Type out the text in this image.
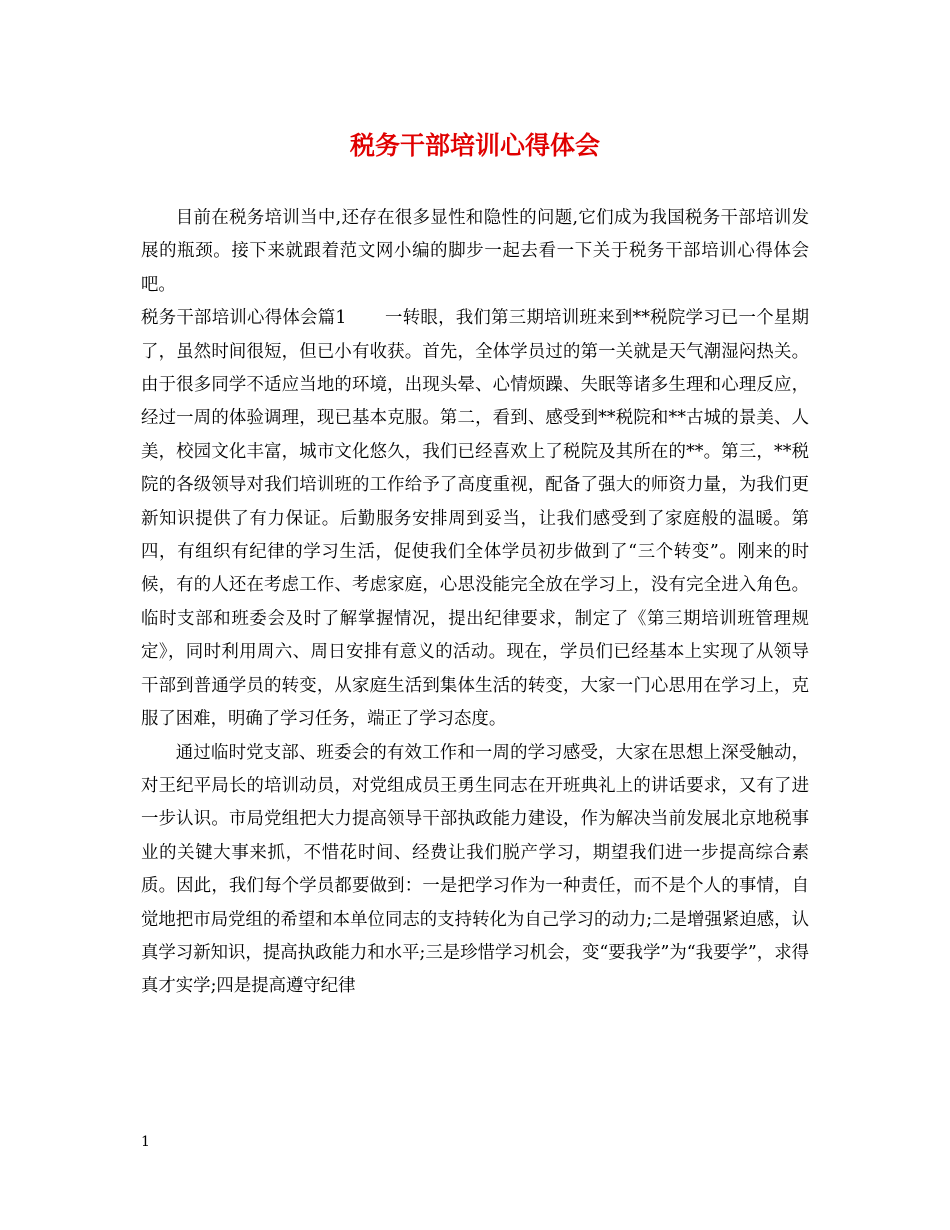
税务干部培训心得体会

目前在税务培训当中,还存在很多显性和隐性的问题,它们成为我国税务干部培训发展的瓶颈。接下来就跟着范文网小编的脚步一起去看一下关于税务干部培训心得体会吧。

税务干部培训心得体会篇1 一转眼，我们第三期培训班来到**税院学习已一个星期了，虽然时间很短，但已小有收获。首先，全体学员过的第一关就是天气潮湿闷热关。由于很多同学不适应当地的环境，出现头晕、心情烦躁、失眠等诸多生理和心理反应，经过一周的体验调理，现已基本克服。第二，看到、感受到**税院和**古城的景美、人美，校园文化丰富，城市文化悠久，我们已经喜欢上了税院及其所在的**。第三，**税院的各级领导对我们培训班的工作给予了高度重视，配备了强大的师资力量，为我们更新知识提供了有力保证。后勤服务安排周到妥当，让我们感受到了家庭般的温暖。第四，有组织有纪律的学习生活，促使我们全体学员初步做到了“三个转变”。刚来的时候，有的人还在考虑工作、考虑家庭，心思没能完全放在学习上，没有完全进入角色。临时支部和班委会及时了解掌握情况，提出纪律要求，制定了《第三期培训班管理规定》，同时利用周六、周日安排有意义的活动。现在，学员们已经基本上实现了从领导干部到普通学员的转变，从家庭生活到集体生活的转变，大家一门心思用在学习上，克服了困难，明确了学习任务，端正了学习态度。

通过临时党支部、班委会的有效工作和一周的学习感受，大家在思想上深受触动，对王纪平局长的培训动员，对党组成员王勇生同志在开班典礼上的讲话要求，又有了进一步认识。市局党组把大力提高领导干部执政能力建设，作为解决当前发展北京地税事业的关键大事来抓，不惜花时间、经费让我们脱产学习，期望我们进一步提高综合素质。因此，我们每个学员都要做到：一是把学习作为一种责任，而不是个人的事情，自觉地把市局党组的希望和本单位同志的支持转化为自己学习的动力;二是增强紧迫感，认真学习新知识，提高执政能力和水平;三是珍惜学习机会，变“要我学”为“我要学”，求得真才实学;四是提高遵守纪律

1
